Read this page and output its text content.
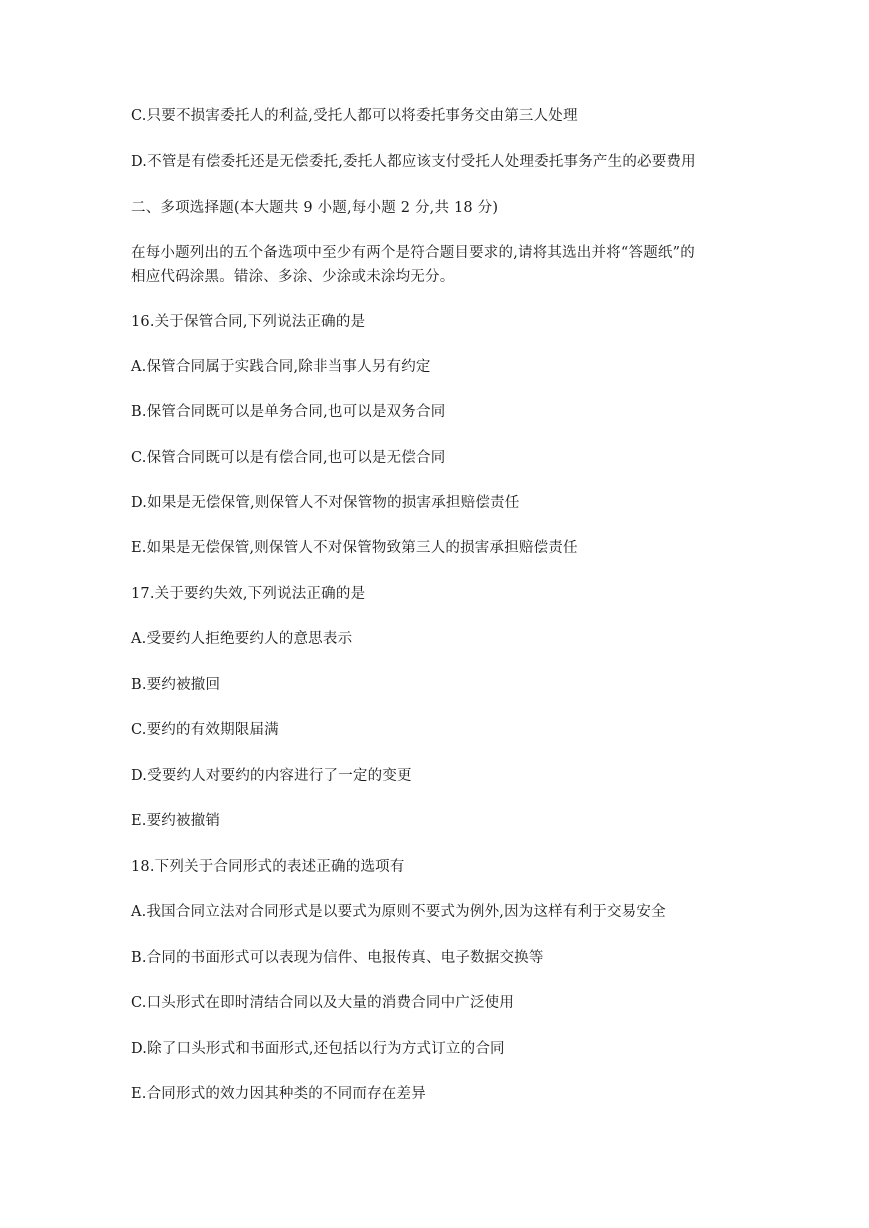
C.只要不损害委托人的利益,受托人都可以将委托事务交由第三人处理
D.不管是有偿委托还是无偿委托,委托人都应该支付受托人处理委托事务产生的必要费用
二、多项选择题(本大题共 9 小题,每小题 2 分,共 18 分)
在每小题列出的五个备选项中至少有两个是符合题目要求的,请将其选出并将“答题纸”的
相应代码涂黑。错涂、多涂、少涂或未涂均无分。
16.关于保管合同,下列说法正确的是
A.保管合同属于实践合同,除非当事人另有约定
B.保管合同既可以是单务合同,也可以是双务合同
C.保管合同既可以是有偿合同,也可以是无偿合同
D.如果是无偿保管,则保管人不对保管物的损害承担赔偿责任
E.如果是无偿保管,则保管人不对保管物致第三人的损害承担赔偿责任
17.关于要约失效,下列说法正确的是
A.受要约人拒绝要约人的意思表示
B.要约被撤回
C.要约的有效期限届满
D.受要约人对要约的内容进行了一定的变更
E.要约被撤销
18.下列关于合同形式的表述正确的选项有
A.我国合同立法对合同形式是以要式为原则不要式为例外,因为这样有利于交易安全
B.合同的书面形式可以表现为信件、电报传真、电子数据交换等
C.口头形式在即时清结合同以及大量的消费合同中广泛使用
D.除了口头形式和书面形式,还包括以行为方式订立的合同
E.合同形式的效力因其种类的不同而存在差异
